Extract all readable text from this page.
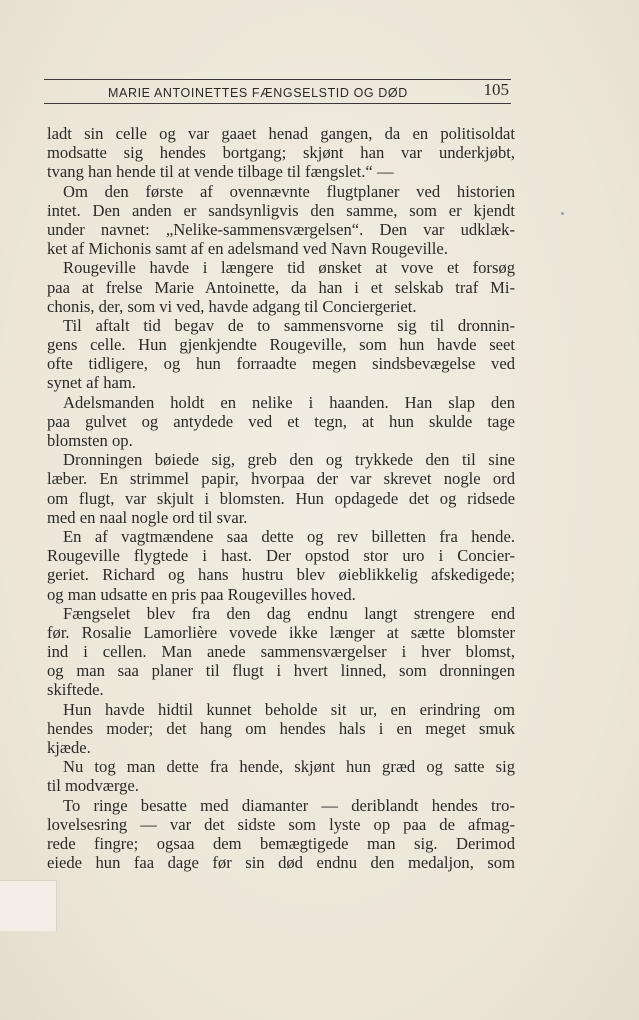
MARIE ANTOINETTES FÆNGSELSTID OG DØD	105
ladt sin celle og var gaaet henad gangen, da en politisoldat
modsatte sig hendes bortgang; skjønt han var underkjøbt,
tvang han hende til at vende tilbage til fængslet.“ —
Om den første af ovennævnte flugtplaner ved historien
intet. Den anden er sandsynligvis den samme, som er kjendt
under navnet: „Nelike-sammensværgelsen“. Den var udklæk-
ket af Michonis samt af en adelsmand ved Navn Rougeville.
Rougeville havde i længere tid ønsket at vove et forsøg
paa at frelse Marie Antoinette, da han i et selskab traf Mi-
chonis, der, som vi ved, havde adgang til Conciergeriet.
Til aftalt tid begav de to sammensvorne sig til dronnin-
gens celle. Hun gjenkjendte Rougeville, som hun havde seet
ofte tidligere, og hun forraadte megen sindsbevægelse ved
synet af ham.
Adelsmanden holdt en nelike i haanden. Han slap den
paa gulvet og antydede ved et tegn, at hun skulde tage
blomsten op.
Dronningen bøiede sig, greb den og trykkede den til sine
læber. En strimmel papir, hvorpaa der var skrevet nogle ord
om flugt, var skjult i blomsten. Hun opdagede det og ridsede
med en naal nogle ord til svar.
En af vagtmændene saa dette og rev billetten fra hende.
Rougeville flygtede i hast. Der opstod stor uro i Concier-
geriet. Richard og hans hustru blev øieblikkelig afskedigede;
og man udsatte en pris paa Rougevilles hoved.
Fængselet blev fra den dag endnu langt strengere end
før. Rosalie Lamorlière vovede ikke længer at sætte blomster
ind i cellen. Man anede sammensværgelser i hver blomst,
og man saa planer til flugt i hvert linned, som dronningen
skiftede.
Hun havde hidtil kunnet beholde sit ur, en erindring om
hendes moder; det hang om hendes hals i en meget smuk
kjæde.
Nu tog man dette fra hende, skjønt hun græd og satte sig
til modværge.
To ringe besatte med diamanter — deriblandt hendes tro-
lovelsesring — var det sidste som lyste op paa de afmag-
rede fingre; ogsaa dem bemægtigede man sig. Derimod
eiede hun faa dage før sin død endnu den medaljon, som
